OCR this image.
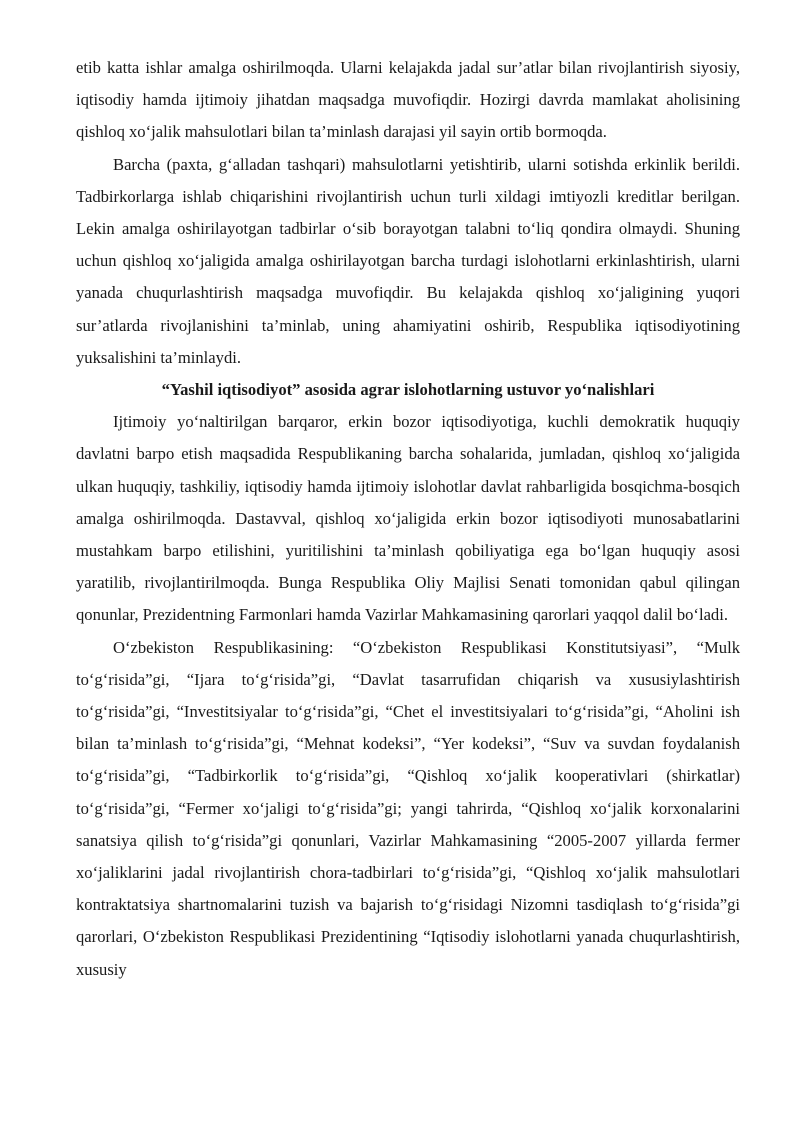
etib katta ishlar amalga oshirilmoqda. Ularni kelajakda jadal sur’atlar bilan rivojlantirish siyosiy, iqtisodiy hamda ijtimoiy jihatdan maqsadga muvofiqdir. Hozirgi davrda mamlakat aholisining qishloq xo‘jalik mahsulotlari bilan ta’minlash darajasi yil sayin ortib bormoqda.

Barcha (paxta, g‘alladan tashqari) mahsulotlarni yetishtirib, ularni sotishda erkinlik berildi. Tadbirkorlarga ishlab chiqarishini rivojlantirish uchun turli xildagi imtiyozli kreditlar berilgan. Lekin amalga oshirilayotgan tadbirlar o‘sib borayotgan talabni to‘liq qondira olmaydi. Shuning uchun qishloq xo‘jaligida amalga oshirilayotgan barcha turdagi islohotlarni erkinlashtirish, ularni yanada chuqurlashtirish maqsadga muvofiqdir. Bu kelajakda qishloq xo‘jaligining yuqori sur’atlarda rivojlanishini ta’minlab, uning ahamiyatini oshirib, Respublika iqtisodiyotining yuksalishini ta’minlaydi.

“Yashil iqtisodiyot” asosida agrar islohotlarning ustuvor yo‘nalishlari

Ijtimoiy yo‘naltirilgan barqaror, erkin bozor iqtisodiyotiga, kuchli demokratik huquqiy davlatni barpo etish maqsadida Respublikaning barcha sohalarida, jumladan, qishloq xo‘jaligida ulkan huquqiy, tashkiliy, iqtisodiy hamda ijtimoiy islohotlar davlat rahbarligida bosqichma-bosqich amalga oshirilmoqda. Dastavval, qishloq xo‘jaligida erkin bozor iqtisodiyoti munosabatlarini mustahkam barpo etilishini, yuritilishini ta’minlash qobiliyatiga ega bo‘lgan huquqiy asosi yaratilib, rivojlantirilmoqda. Bunga Respublika Oliy Majlisi Senati tomonidan qabul qilingan qonunlar, Prezidentning Farmonlari hamda Vazirlar Mahkamasining qarorlari yaqqol dalil bo‘ladi.

O‘zbekiston Respublikasining: “O‘zbekiston Respublikasi Konstitutsiyasi”, “Mulk to‘g‘risida”gi, “Ijara to‘g‘risida”gi, “Davlat tasarrufidan chiqarish va xususiylashtirish to‘g‘risida”gi, “Investitsiyalar to‘g‘risida”gi, “Chet el investitsiyalari to‘g‘risida”gi, “Aholini ish bilan ta’minlash to‘g‘risida”gi, “Mehnat kodeksi”, “Yer kodeksi”, “Suv va suvdan foydalanish to‘g‘risida”gi, “Tadbirkorlik to‘g‘risida”gi, “Qishloq xo‘jalik kooperativlari (shirkatlar) to‘g‘risida”gi, “Fermer xo‘jaligi to‘g‘risida”gi; yangi tahrirda, “Qishloq xo‘jalik korxonalarini sanatsiya qilish to‘g‘risida”gi qonunlari, Vazirlar Mahkamasining “2005-2007 yillarda fermer xo‘jaliklarini jadal rivojlantirish chora-tadbirlari to‘g‘risida”gi, “Qishloq xo‘jalik mahsulotlari kontraktatsiya shartnomalarini tuzish va bajarish to‘g‘risidagi Nizomni tasdiqlash to‘g‘risida”gi qarorlari, O‘zbekiston Respublikasi Prezidentining “Iqtisodiy islohotlarni yanada chuqurlashtirish, xususiy
